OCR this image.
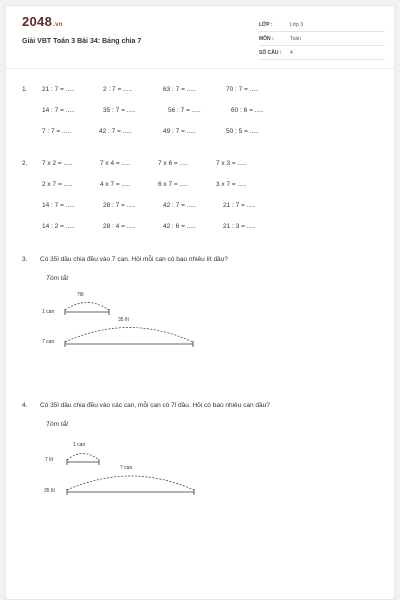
2048.vn
Giải VBT Toán 3 Bài 34: Bảng chia 7
LỚP :	Lớp 3
MÔN :	Toán
SỐ CÂU : 4
1. 21 : 7 = .....	2 : 7 = .....	63 : 7 = .....	70 : 7 = .....
14 : 7 = .....	35 : 7 = .....	56 : 7 = .....	60 : 6 = .....
7 : 7 = .....	42 : 7 = .....	49 : 7 = .....	50 : 5 = .....
2. 7 x 2 = .....	7 x 4 = .....	7 x 6 = .....	7 x 3 = .....
2 x 7 = .....	4 x 7 = .....	6 x 7 = .....	3 x 7 = .....
14 : 7 = .....	28 : 7 = .....	42 : 7 = .....	21 : 7 = .....
14 : 2 = .....	28 : 4 = .....	42 : 6 = .....	21 : 3 = .....
3. Có 35l dầu chia đều vào 7 can. Hỏi mỗi can có bao nhiêu lít dầu?
Tóm tắt
?lít
1 can
35 lít
7 can
4. Có 35l dầu chia đều vào các can, mỗi can có 7l dầu. Hỏi có bao nhiêu can dầu?
Tóm tắt
1 can
7 lít
? can
35 lít
